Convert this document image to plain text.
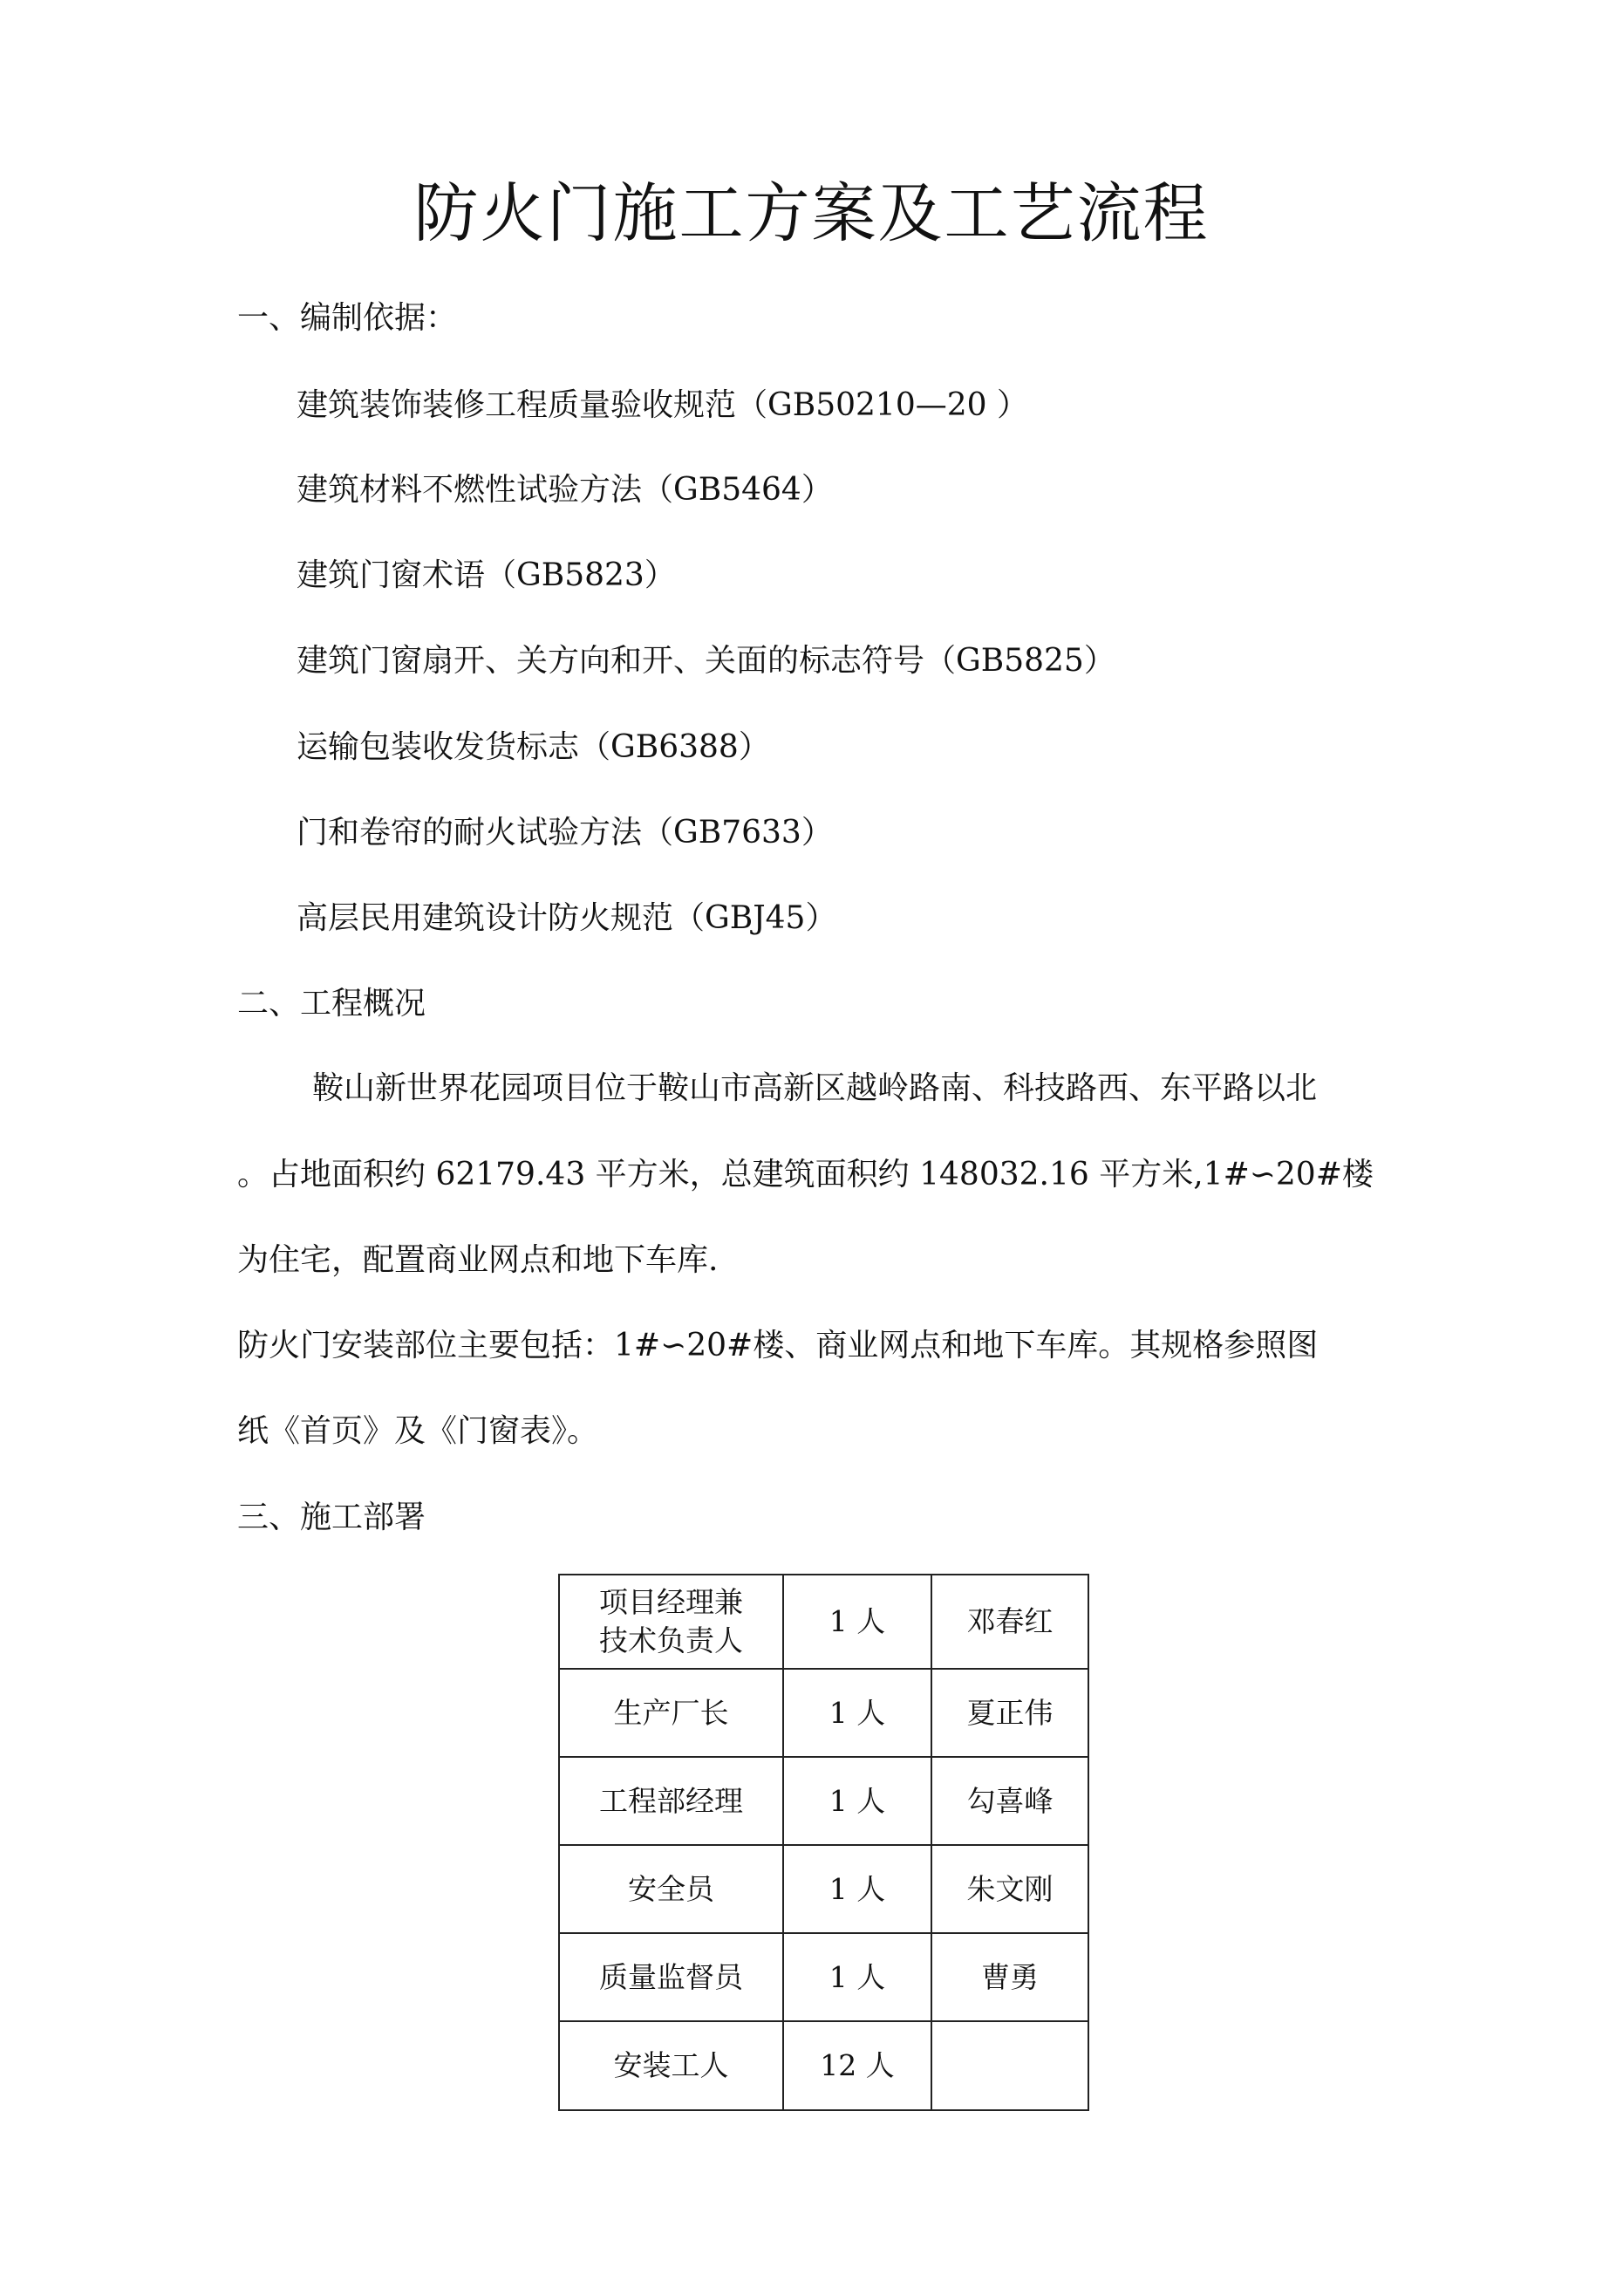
防火门施工方案及工艺流程
一、编制依据：
建筑装饰装修工程质量验收规范（GB50210—20 ）
建筑材料不燃性试验方法（GB5464）
建筑门窗术语（GB5823）
建筑门窗扇开、关方向和开、关面的标志符号（GB5825）
运输包装收发货标志（GB6388）
门和卷帘的耐火试验方法（GB7633）
高层民用建筑设计防火规范（GBJ45）
二、工程概况
鞍山新世界花园项目位于鞍山市高新区越岭路南、科技路西、东平路以北
。占地面积约 62179.43 平方米，总建筑面积约 148032.16 平方米,1#∽20#楼
为住宅，配置商业网点和地下车库.
防火门安装部位主要包括：1#∽20#楼、商业网点和地下车库。其规格参照图
纸《首页》及《门窗表》。
三、施工部署
项目经理兼
技术负责人	1 人	邓春红
生产厂长	1 人	夏正伟
工程部经理	1 人	勾喜峰
安全员	1 人	朱文刚
质量监督员	1 人	曹勇
安装工人	12 人	
